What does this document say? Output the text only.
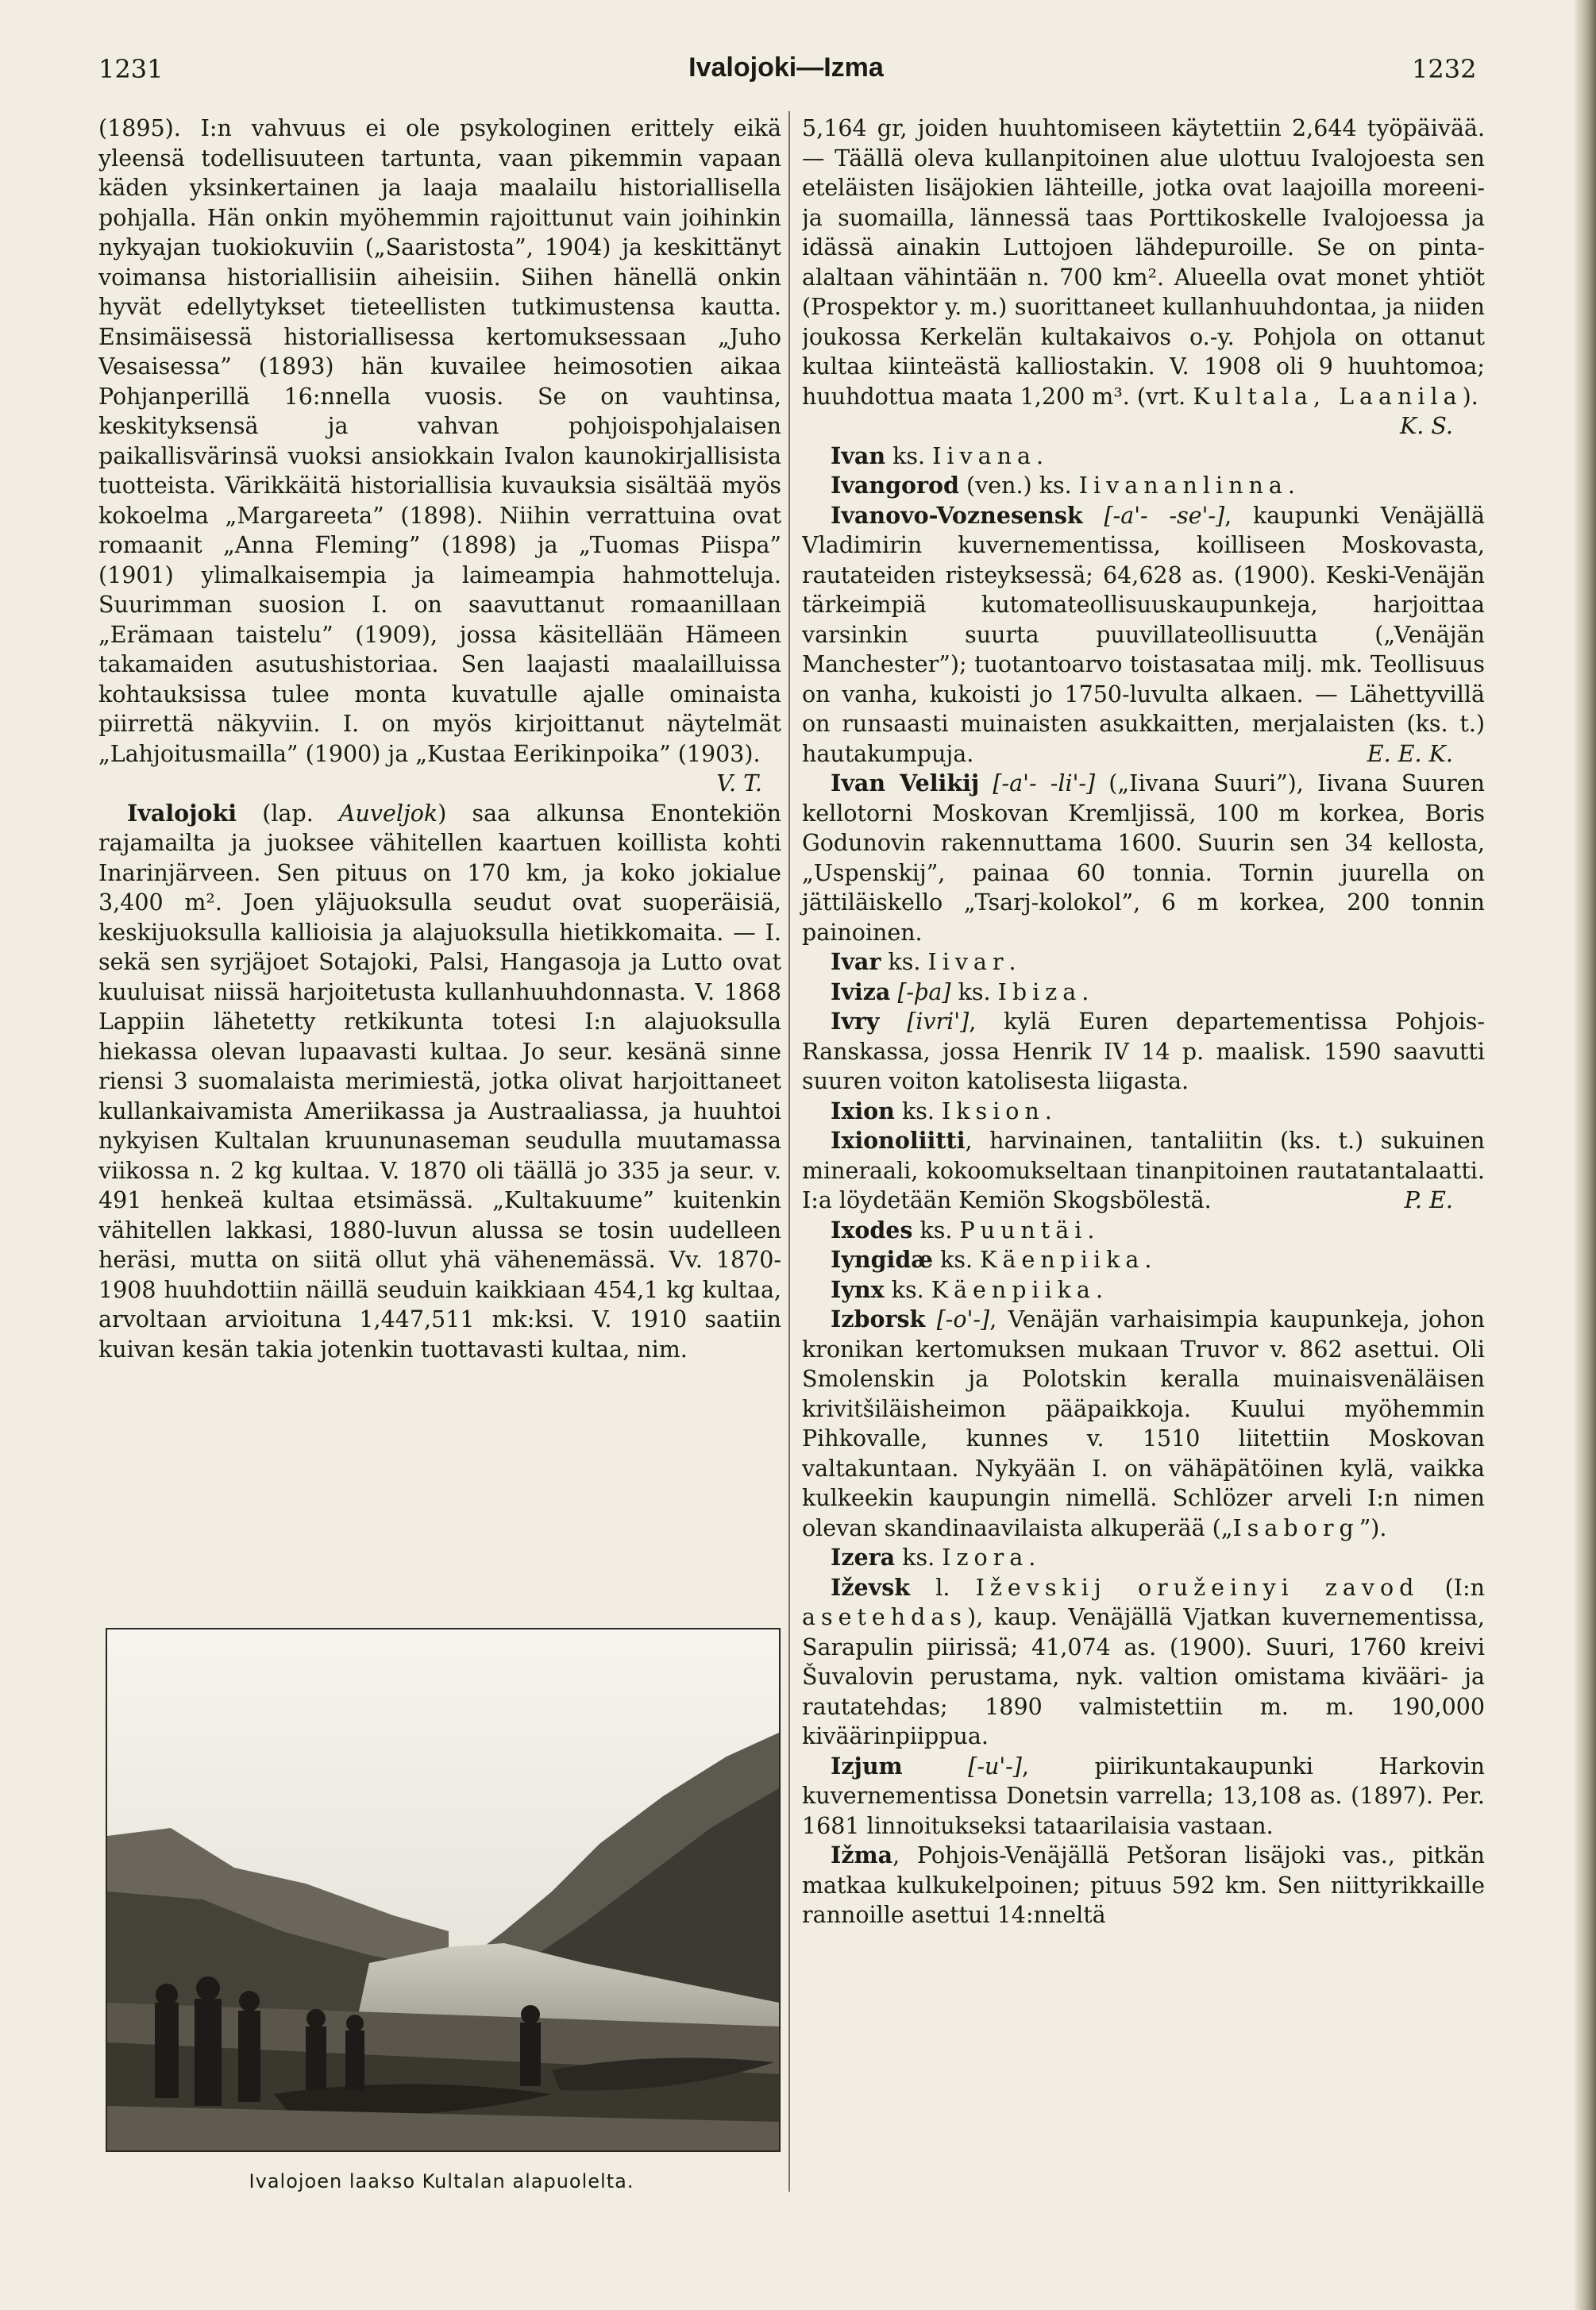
1231	Ivalojoki—Izma	1232

(1895). I:n vahvuus ei ole psykologinen erittely eikä yleensä todellisuuteen tartunta, vaan pikemmin vapaan käden yksinkertainen ja laaja maalailu historiallisella pohjalla. Hän onkin myöhemmin rajoittunut vain joihinkin nykyajan tuokiokuviin („Saaristosta”, 1904) ja keskittänyt voimansa historiallisiin aiheisiin. Siihen hänellä onkin hyvät edellytykset tieteellisten tutkimustensa kautta. Ensimäisessä historiallisessa kertomuksessaan „Juho Vesaisessa” (1893) hän kuvailee heimosotien aikaa Pohjanperillä 16:nnella vuosis. Se on vauhtinsa, keskityksensä ja vahvan pohjoispohjalaisen paikallisvärinsä vuoksi ansiokkain Ivalon kaunokirjallisista tuotteista. Värikkäitä historiallisia kuvauksia sisältää myös kokoelma „Margareeta” (1898). Niihin verrattuina ovat romaanit „Anna Fleming” (1898) ja „Tuomas Piispa” (1901) ylimalkaisempia ja laimeampia hahmotteluja. Suurimman suosion I. on saavuttanut romaanillaan „Erämaan taistelu” (1909), jossa käsitellään Hämeen takamaiden asutushistoriaa. Sen laajasti maalailluissa kohtauksissa tulee monta kuvatulle ajalle ominaista piirrettä näkyviin. I. on myös kirjoittanut näytelmät „Lahjoitusmailla” (1900) ja „Kustaa Eerikinpoika” (1903).
V. T.

Ivalojoki (lap. Auveljok) saa alkunsa Enontekiön rajamailta ja juoksee vähitellen kaartuen koillista kohti Inarinjärveen. Sen pituus on 170 km, ja koko jokialue 3,400 m². Joen yläjuoksulla seudut ovat suoperäisiä, keskijuoksulla kallioisia ja alajuoksulla hietikkomaita. — I. sekä sen syrjäjoet Sotajoki, Palsi, Hangasoja ja Lutto ovat kuuluisat niissä harjoitetusta kullanhuuhdonnasta. V. 1868 Lappiin lähetetty retkikunta totesi I:n alajuoksulla hiekassa olevan lupaavasti kultaa. Jo seur. kesänä sinne riensi 3 suomalaista merimiestä, jotka olivat harjoittaneet kullankaivamista Ameriikassa ja Austraaliassa, ja huuhtoi nykyisen Kultalan kruununaseman seudulla muutamassa viikossa n. 2 kg kultaa. V. 1870 oli täällä jo 335 ja seur. v. 491 henkeä kultaa etsimässä. „Kultakuume” kuitenkin vähitellen lakkasi, 1880-luvun alussa se tosin uudelleen heräsi, mutta on siitä ollut yhä vähenemässä. Vv. 1870-1908 huuhdottiin näillä seuduin kaikkiaan 454,1 kg kultaa, arvoltaan arvioituna 1,447,511 mk:ksi. V. 1910 saatiin kuivan kesän takia jotenkin tuottavasti kultaa, nim.

Ivalojoen laakso Kultalan alapuolelta.

5,164 gr, joiden huuhtomiseen käytettiin 2,644 työpäivää. — Täällä oleva kullanpitoinen alue ulottuu Ivalojoesta sen eteläisten lisäjokien lähteille, jotka ovat laajoilla moreeni- ja suomailla, lännessä taas Porttikoskelle Ivalojoessa ja idässä ainakin Luttojoen lähdepuroille. Se on pinta-alaltaan vähintään n. 700 km². Alueella ovat monet yhtiöt (Prospektor y. m.) suorittaneet kullanhuuhdontaa, ja niiden joukossa Kerkelän kultakaivos o.-y. Pohjola on ottanut kultaa kiinteästä kalliostakin. V. 1908 oli 9 huuhtomoa; huuhdottua maata 1,200 m³. (vrt. Kultala, Laanila).
K. S.

Ivan ks. Iivana.

Ivangorod (ven.) ks. Iivananlinna.

Ivanovo-Voznesensk [-a'- -se'-], kaupunki Venäjällä Vladimirin kuvernementissa, koilliseen Moskovasta, rautateiden risteyksessä; 64,628 as. (1900). Keski-Venäjän tärkeimpiä kutomateollisuuskaupunkeja, harjoittaa varsinkin suurta puuvillateollisuutta („Venäjän Manchester”); tuotantoarvo toistasataa milj. mk. Teollisuus on vanha, kukoisti jo 1750-luvulta alkaen. — Lähettyvillä on runsaasti muinaisten asukkaitten, merjalaisten (ks. t.) hautakumpuja.	E. E. K.

Ivan Velikij [-a'- -li'-] („Iivana Suuri”), Iivana Suuren kellotorni Moskovan Kremljissä, 100 m korkea, Boris Godunovin rakennuttama 1600. Suurin sen 34 kellosta, „Uspenskij”, painaa 60 tonnia. Tornin juurella on jättiläiskello „Tsarj-kolokol”, 6 m korkea, 200 tonnin painoinen.

Ivar ks. Iivar.

Iviza [-þa] ks. Ibiza.

Ivry [ivri'], kylä Euren departementissa Pohjois-Ranskassa, jossa Henrik IV 14 p. maalisk. 1590 saavutti suuren voiton katolisesta liigasta.

Ixion ks. Iksion.

Ixionoliitti, harvinainen, tantaliitin (ks. t.) sukuinen mineraali, kokoomukseltaan tinanpitoinen rautatantalaatti. I:a löydetään Kemiön Skogsbölestä.	P. E.

Ixodes ks. Puuntäi.

Iyngidæ ks. Käenpiika.

Iynx ks. Käenpiika.

Izborsk [-o'-], Venäjän varhaisimpia kaupunkeja, johon kronikan kertomuksen mukaan Truvor v. 862 asettui. Oli Smolenskin ja Polotskin kerallа muinaisvenäläisen krivitšiläisheimon pääpaikkoja. Kuului myöhemmin Pihkovalle, kunnes v. 1510 liitettiin Moskovan valtakuntaan. Nykyään I. on vähäpätöinen kylä, vaikka kulkeekin kaupungin nimellä. Schlözer arveli I:n nimen olevan skandinaavilaista alkuperää („Isaborg”).

Izera ks. Izora.

Iževsk l. Iževskij oružeinyi zavod (I:n asetehdas), kaup. Venäjällä Vjatkan kuvernementissa, Sarapulin piirissä; 41,074 as. (1900). Suuri, 1760 kreivi Šuvalovin perustama, nyk. valtion omistama kivääri- ja rautatehdas; 1890 valmistettiin m. m. 190,000 kiväärinpiippua.

Izjum	[-u'-], piirikuntakaupunki Harkovin kuvernementissa Donetsin varrella; 13,108 as. (1897). Per. 1681 linnoitukseksi tataarilaisia vastaan.

Ižma, Pohjois-Venäjällä Petšoran lisäjoki vas., pitkän matkaa kulkukelpoinen; pituus 592 km. Sen niittyrikkaille rannoille asettui 14:nneltä
